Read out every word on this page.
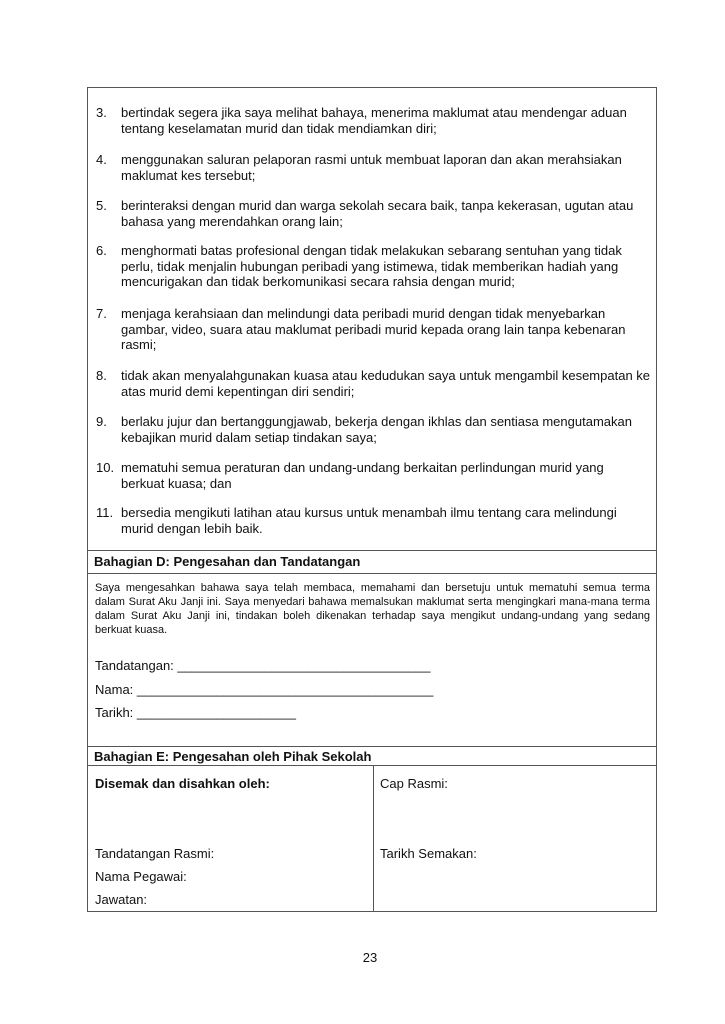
3. bertindak segera jika saya melihat bahaya, menerima maklumat atau mendengar aduan tentang keselamatan murid dan tidak mendiamkan diri;
4. menggunakan saluran pelaporan rasmi untuk membuat laporan dan akan merahsiakan maklumat kes tersebut;
5. berinteraksi dengan murid dan warga sekolah secara baik, tanpa kekerasan, ugutan atau bahasa yang merendahkan orang lain;
6. menghormati batas profesional dengan tidak melakukan sebarang sentuhan yang tidak perlu, tidak menjalin hubungan peribadi yang istimewa, tidak memberikan hadiah yang mencurigakan dan tidak berkomunikasi secara rahsia dengan murid;
7. menjaga kerahsiaan dan melindungi data peribadi murid dengan tidak menyebarkan gambar, video, suara atau maklumat peribadi murid kepada orang lain tanpa kebenaran rasmi;
8. tidak akan menyalahgunakan kuasa atau kedudukan saya untuk mengambil kesempatan ke atas murid demi kepentingan diri sendiri;
9. berlaku jujur dan bertanggungjawab, bekerja dengan ikhlas dan sentiasa mengutamakan kebajikan murid dalam setiap tindakan saya;
10. mematuhi semua peraturan dan undang-undang berkaitan perlindungan murid yang berkuat kuasa; dan
11. bersedia mengikuti latihan atau kursus untuk menambah ilmu tentang cara melindungi murid dengan lebih baik.
Bahagian D: Pengesahan dan Tandatangan
Saya mengesahkan bahawa saya telah membaca, memahami dan bersetuju untuk mematuhi semua terma dalam Surat Aku Janji ini. Saya menyedari bahawa memalsukan maklumat serta mengingkari mana-mana terma dalam Surat Aku Janji ini, tindakan boleh dikenakan terhadap saya mengikut undang-undang yang sedang berkuat kuasa.
Tandatangan: ___________________________________
Nama: _________________________________________
Tarikh: ______________________
Bahagian E: Pengesahan oleh Pihak Sekolah
Disemak dan disahkan oleh:	Cap Rasmi:
Tandatangan Rasmi:	Tarikh Semakan:
Nama Pegawai:
Jawatan:
23
